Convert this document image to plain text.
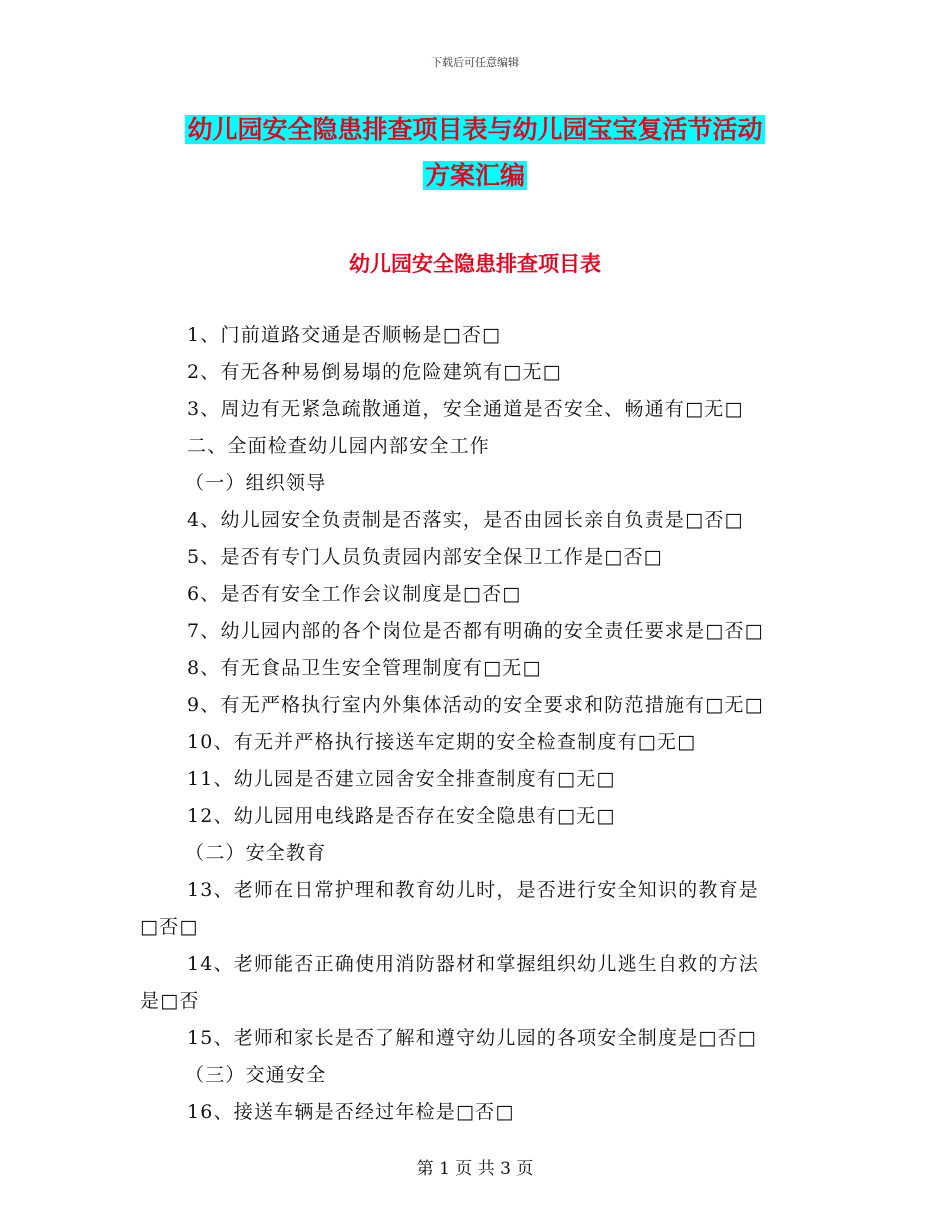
下载后可任意编辑
幼儿园安全隐患排查项目表与幼儿园宝宝复活节活动
方案汇编
幼儿园安全隐患排查项目表
1、门前道路交通是否顺畅是□否□
2、有无各种易倒易塌的危险建筑有□无□
3、周边有无紧急疏散通道，安全通道是否安全、畅通有□无□
二、全面检查幼儿园内部安全工作
（一）组织领导
4、幼儿园安全负责制是否落实，是否由园长亲自负责是□否□
5、是否有专门人员负责园内部安全保卫工作是□否□
6、是否有安全工作会议制度是□否□
7、幼儿园内部的各个岗位是否都有明确的安全责任要求是□否□
8、有无食品卫生安全管理制度有□无□
9、有无严格执行室内外集体活动的安全要求和防范措施有□无□
10、有无并严格执行接送车定期的安全检查制度有□无□
11、幼儿园是否建立园舍安全排查制度有□无□
12、幼儿园用电线路是否存在安全隐患有□无□
（二）安全教育
13、老师在日常护理和教育幼儿时，是否进行安全知识的教育是
□否□
14、老师能否正确使用消防器材和掌握组织幼儿逃生自救的方法
是□否
15、老师和家长是否了解和遵守幼儿园的各项安全制度是□否□
（三）交通安全
16、接送车辆是否经过年检是□否□
第 1 页 共 3 页
